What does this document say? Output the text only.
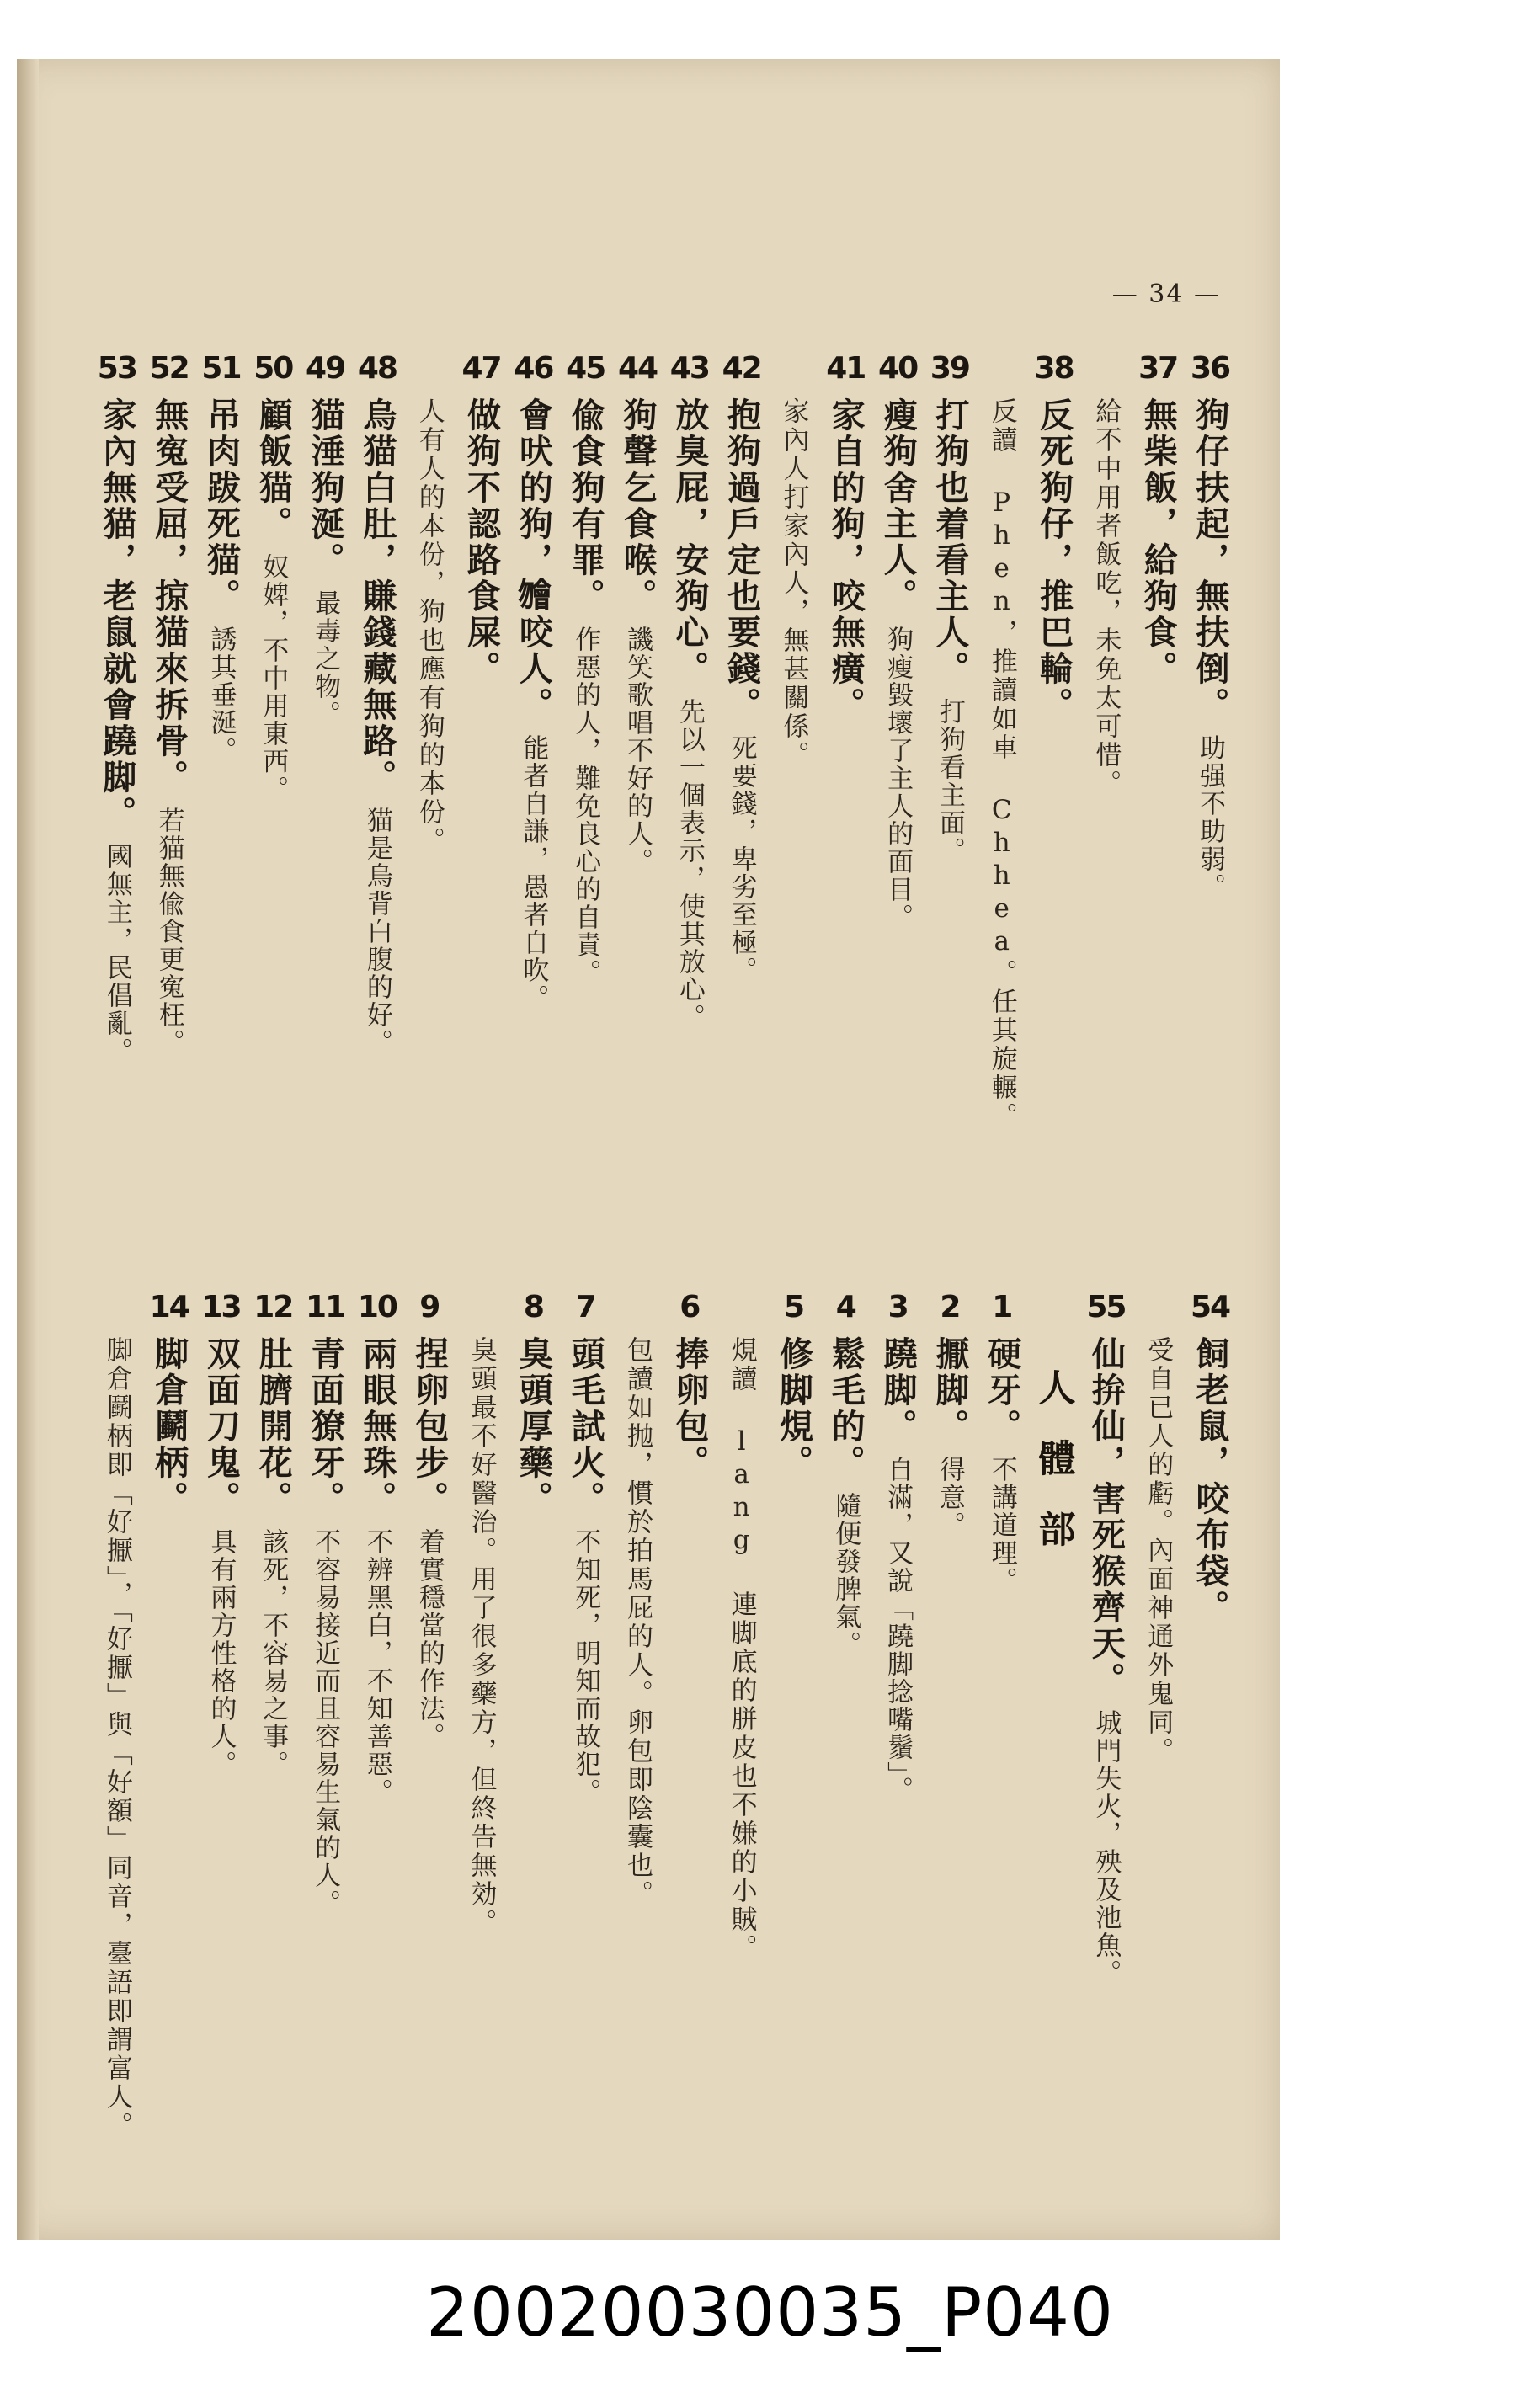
— 34 —
36
狗仔扶起，無扶倒。　助强不助弱。
37
無柴飯，給狗食。
給不中用者飯吃，未免太可惜。
38
反死狗仔，推巴輪。
反讀 Phen，推讀如車 Chhea。任其旋輾。
39
打狗也着看主人。　打狗看主面。
40
瘦狗舍主人。　狗瘦毀壞了主人的面目。
41
家自的狗，咬無癀。
家內人打家內人，無甚關係。
42
抱狗過戶定也要錢。　死要錢，卑劣至極。
43
放臭屁，安狗心。　先以一個表示，使其放心。
44
狗聲乞食喉。　譏笑歌唱不好的人。
45
偸食狗有罪。　作惡的人，難免良心的自責。
46
會吠的狗，𣍐咬人。　能者自謙，愚者自吹。
47
做狗不認路食屎。
人有人的本份，狗也應有狗的本份。
48
烏猫白肚，賺錢藏無路。　猫是烏背白腹的好。
49
猫涶狗涎。　最毒之物。
50
顧飯猫。　奴婢，不中用東西。
51
吊肉跋死猫。　誘其垂涎。
52
無寃受屈，掠猫來拆骨。　若猫無偸食更寃枉。
53
家內無猫，老鼠就會蹺脚。　國無主，民倡亂。
54
飼老鼠，咬布袋。
受自已人的虧。內面神通外鬼同。
55
仙拚仙，害死猴齊天。　城門失火，殃及池魚。
人體部
1
硬牙。　不講道理。
2
擫脚。　得意。
3
蹺脚。　自滿，又說「蹺脚捻嘴鬚」。
4
鬆毛的。　隨便發脾氣。
5
修脚䙺。
䙺讀 lang 連脚底的胼皮也不嫌的小賊。
6
捧卵包。
包讀如抛，慣於拍馬屁的人。卵包即陰囊也。
7
頭毛試火。　不知死，明知而故犯。
8
臭頭厚藥。
臭頭最不好醫治。用了很多藥方，但終告無効。
9
捏卵包步。　着實穩當的作法。
10
兩眼無珠。　不辨黑白，不知善惡。
11
青面獠牙。　不容易接近而且容易生氣的人。
12
肚臍開花。　該死，不容易之事。
13
双面刀鬼。　具有兩方性格的人。
14
脚倉鬬柄。
脚倉鬬柄即「好擫」，「好擫」與「好額」同音，臺語即謂富人。
20020030035_P040
